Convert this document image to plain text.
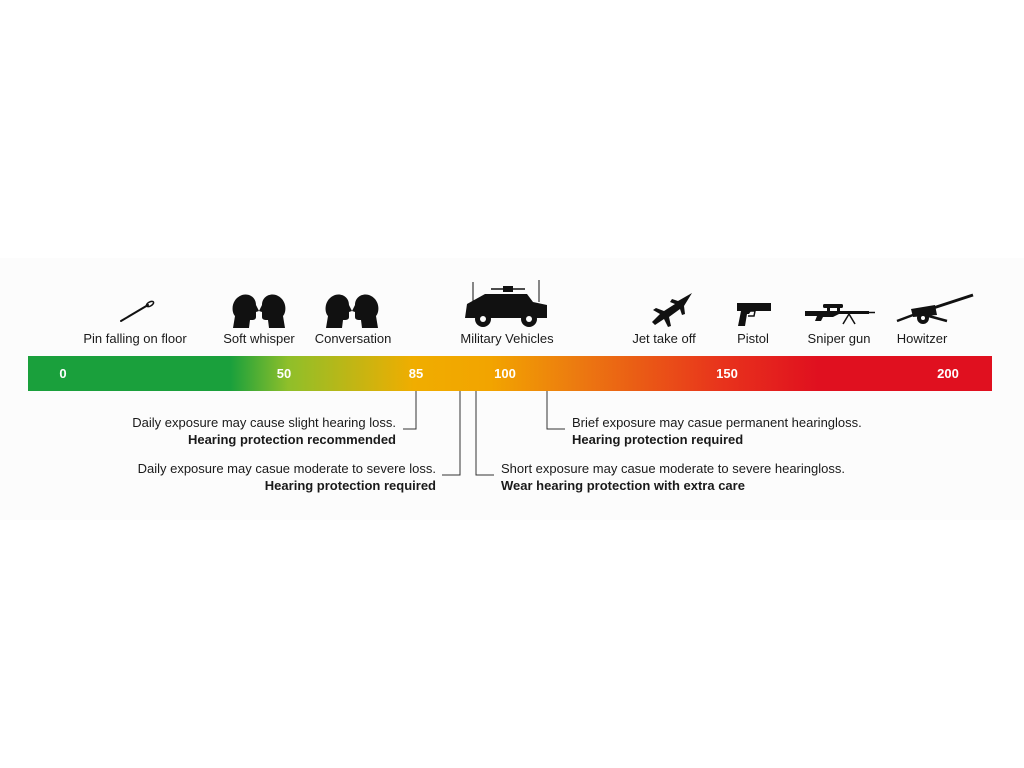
Pin falling on floor	Soft whisper Conversation	Military Vehicles	Jet take off	Pistol	Sniper gun Howitzer
0	50	85	100	150	200
Daily exposure may cause slight hearing loss.
Hearing protection recommended
Daily exposure may casue moderate to severe loss.
Hearing protection required
Short exposure may casue moderate to severe hearingloss.
Wear hearing protection with extra care
Brief exposure may casue permanent hearingloss.
Hearing protection required
